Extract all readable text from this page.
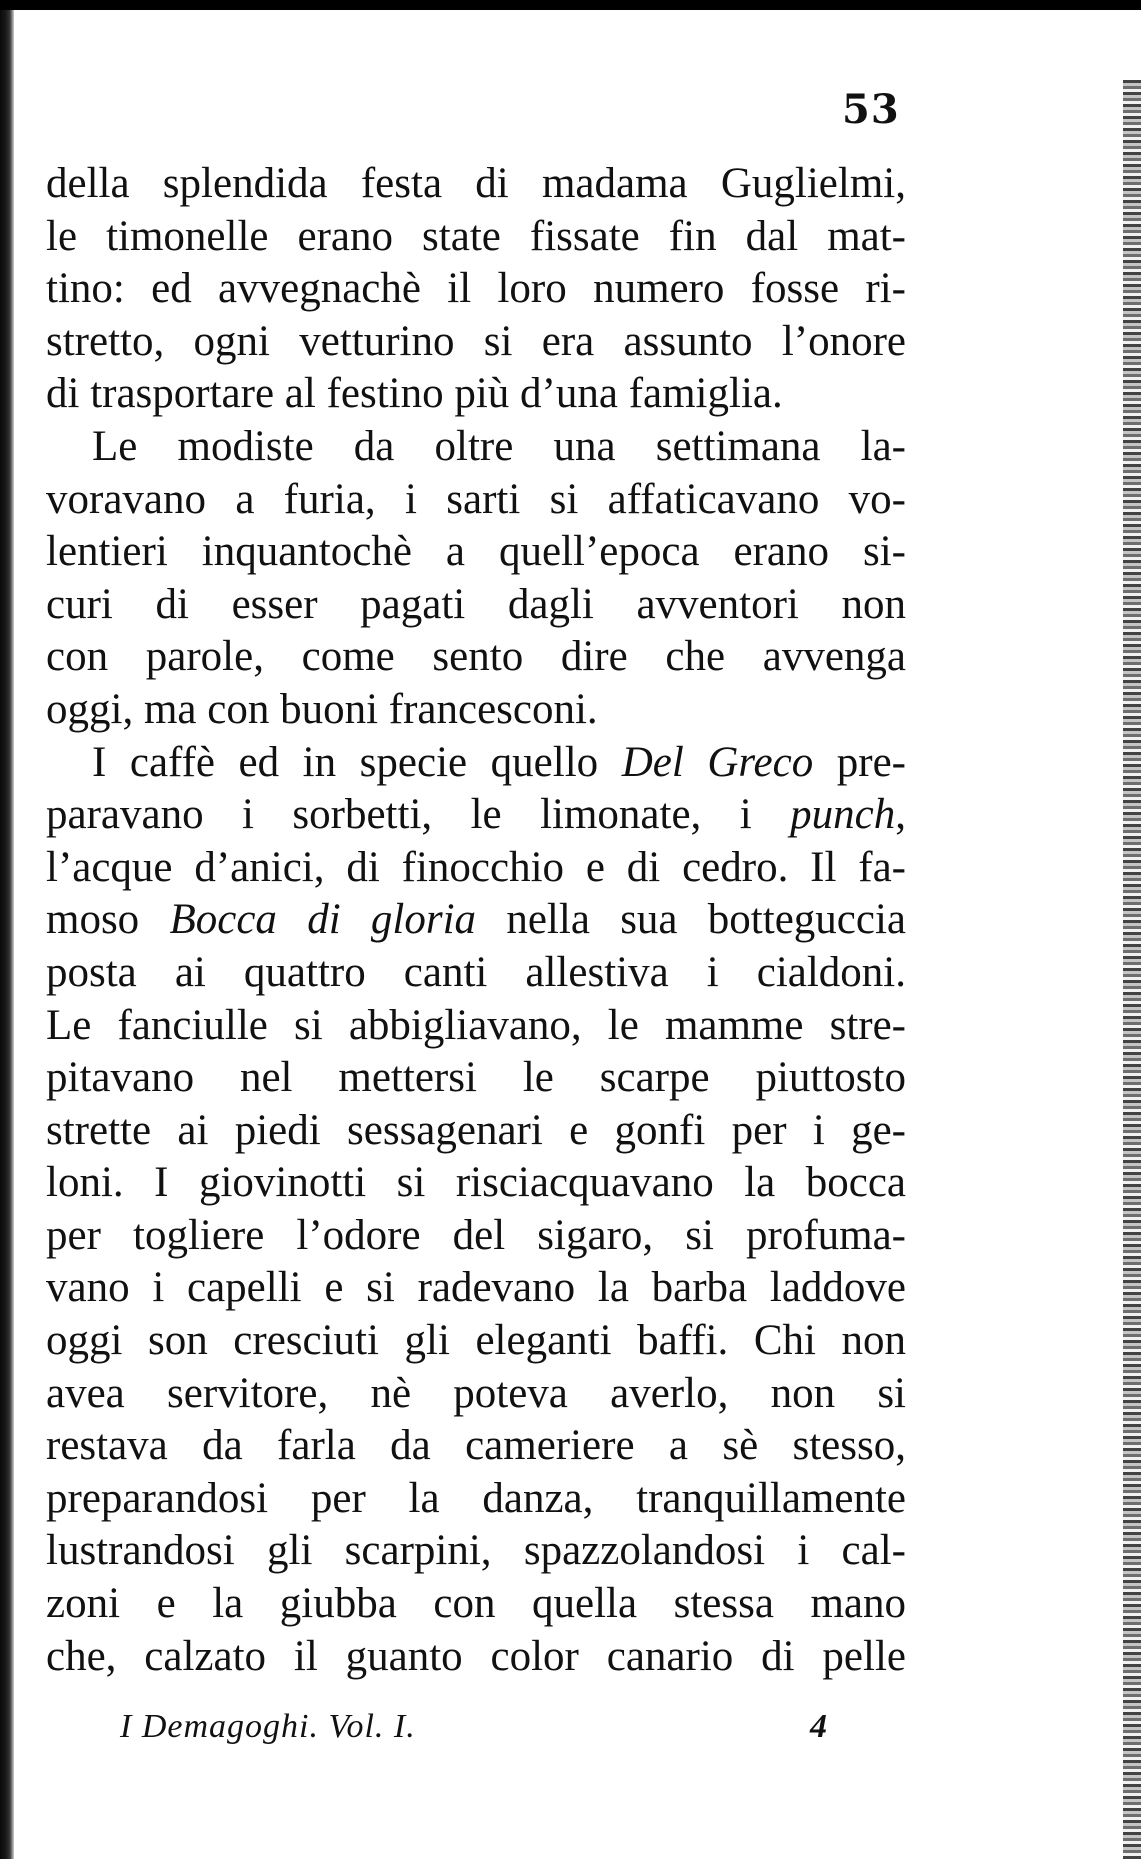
53
della splendida festa di madama Guglielmi,
le timonelle erano state fissate fin dal mat-
tino: ed avvegnachè il loro numero fosse ri-
stretto, ogni vetturino si era assunto l’onore
di trasportare al festino più d’una famiglia.
Le modiste da oltre una settimana la-
voravano a furia, i sarti si affaticavano vo-
lentieri inquantochè a quell’epoca erano si-
curi di esser pagati dagli avventori non
con parole, come sento dire che avvenga
oggi, ma con buoni francesconi.
I caffè ed in specie quello Del Greco pre-
paravano i sorbetti, le limonate, i punch,
l’acque d’anici, di finocchio e di cedro. Il fa-
moso Bocca di gloria nella sua botteguccia
posta ai quattro canti allestiva i cialdoni.
Le fanciulle si abbigliavano, le mamme stre-
pitavano nel mettersi le scarpe piuttosto
strette ai piedi sessagenari e gonfi per i ge-
loni. I giovinotti si risciacquavano la bocca
per togliere l’odore del sigaro, si profuma-
vano i capelli e si radevano la barba laddove
oggi son cresciuti gli eleganti baffi. Chi non
avea servitore, nè poteva averlo, non si
restava da farla da cameriere a sè stesso,
preparandosi per la danza, tranquillamente
lustrandosi gli scarpini, spazzolandosi i cal-
zoni e la giubba con quella stessa mano
che, calzato il guanto color canario di pelle
I Demagoghi. Vol. I.	4
